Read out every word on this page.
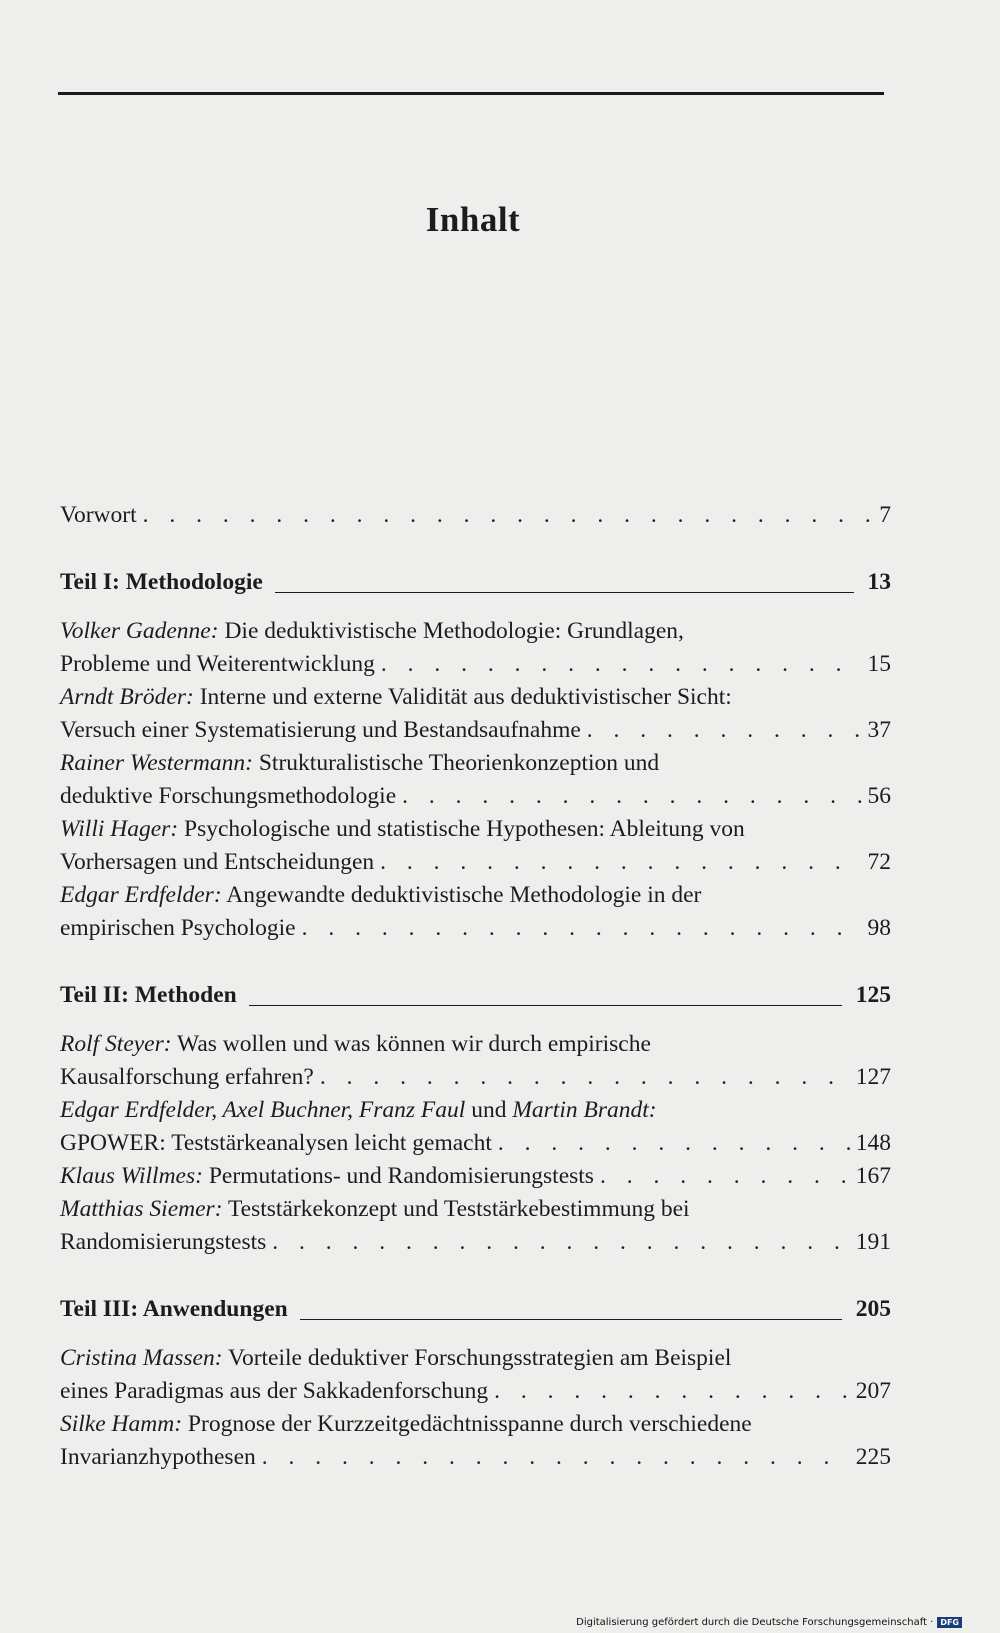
Inhalt
Vorwort . . .	7
Teil I: Methodologie	13
Volker Gadenne: Die deduktivistische Methodologie: Grundlagen,
Probleme und Weiterentwicklung . . .	15
Arndt Bröder: Interne und externe Validität aus deduktivistischer Sicht:
Versuch einer Systematisierung und Bestandsaufnahme . . .	37
Rainer Westermann: Strukturalistische Theorienkonzeption und
deduktive Forschungsmethodologie . . .	56
Willi Hager: Psychologische und statistische Hypothesen: Ableitung von
Vorhersagen und Entscheidungen . . .	72
Edgar Erdfelder: Angewandte deduktivistische Methodologie in der
empirischen Psychologie . . .	98
Teil II: Methoden	125
Rolf Steyer: Was wollen und was können wir durch empirische
Kausalforschung erfahren? . . .	127
Edgar Erdfelder, Axel Buchner, Franz Faul und Martin Brandt:
GPOWER: Teststärkeanalysen leicht gemacht . . .	148
Klaus Willmes: Permutations- und Randomisierungstests . . .	167
Matthias Siemer: Teststärkekonzept und Teststärkebestimmung bei
Randomisierungstests . . .	191
Teil III: Anwendungen	205
Cristina Massen: Vorteile deduktiver Forschungsstrategien am Beispiel
eines Paradigmas aus der Sakkadenforschung . . .	207
Silke Hamm: Prognose der Kurzzeitgedächtnisspanne durch verschiedene
Invarianzhypothesen . . .	225
Digitalisierung gefördert durch die Deutsche Forschungsgemeinschaft · DFG
